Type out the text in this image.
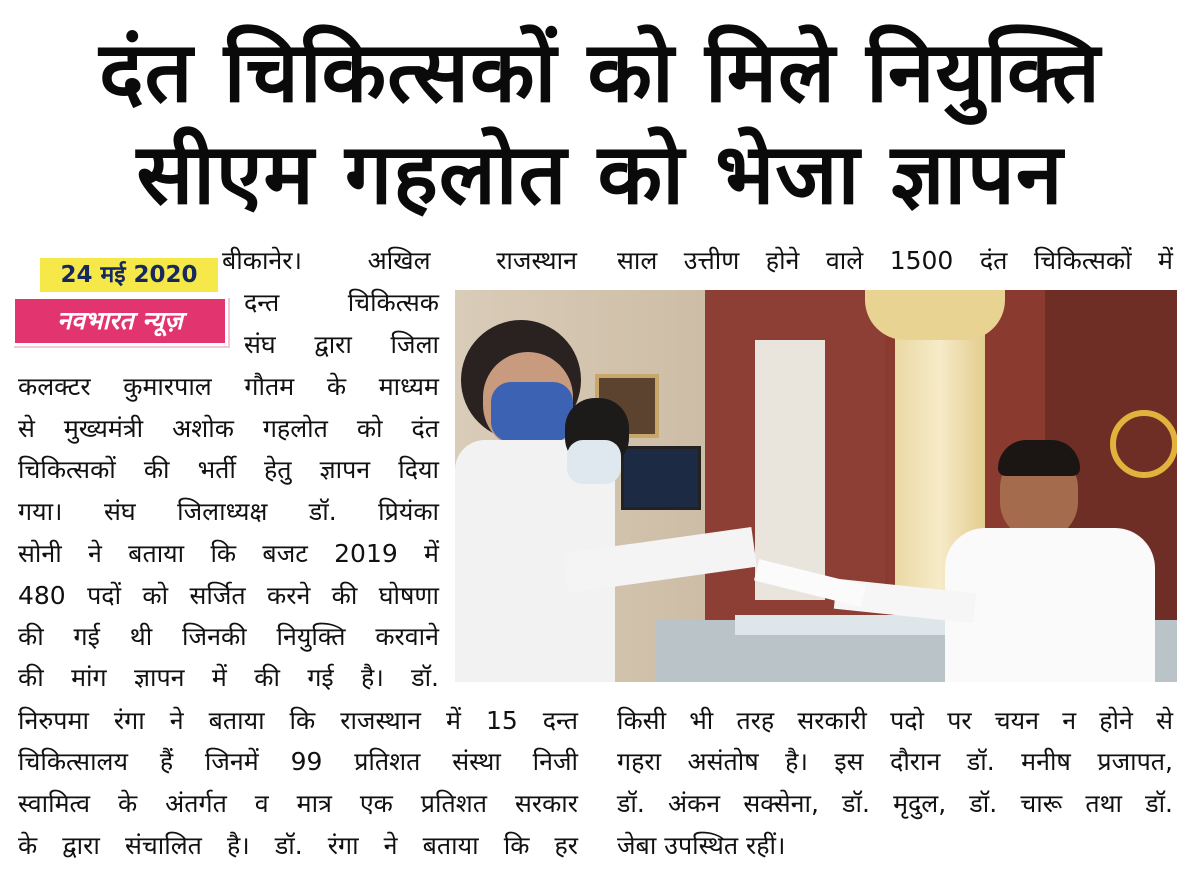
दंत चिकित्सकों को मिले नियुक्ति
सीएम गहलोत को भेजा ज्ञापन
24 मई 2020
नवभारत न्यूज़
बीकानेर। अखिल राजस्थान
दन्त चिकित्सक
संघ द्वारा जिला
कलक्टर कुमारपाल गौतम के माध्यम
से मुख्यमंत्री अशोक गहलोत को दंत
चिकित्सकों की भर्ती हेतु ज्ञापन दिया
गया। संघ जिलाध्यक्ष डॉ. प्रियंका
सोनी ने बताया कि बजट 2019 में
480 पदों को सर्जित करने की घोषणा
की गई थी जिनकी नियुक्ति करवाने
की मांग ज्ञापन में की गई है। डॉ.
निरुपमा रंगा ने बताया कि राजस्थान में 15 दन्त
चिकित्सालय हैं जिनमें 99 प्रतिशत संस्था निजी
स्वामित्व के अंतर्गत व मात्र एक प्रतिशत सरकार
के द्वारा संचालित है। डॉ. रंगा ने बताया कि हर
साल उत्तीण होने वाले 1500 दंत चिकित्सकों में
किसी भी तरह सरकारी पदो पर चयन न होने से
गहरा असंतोष है। इस दौरान डॉ. मनीष प्रजापत,
डॉ. अंकन सक्सेना, डॉ. मृदुल, डॉ. चारू तथा डॉ.
जेबा उपस्थित रहीं।
